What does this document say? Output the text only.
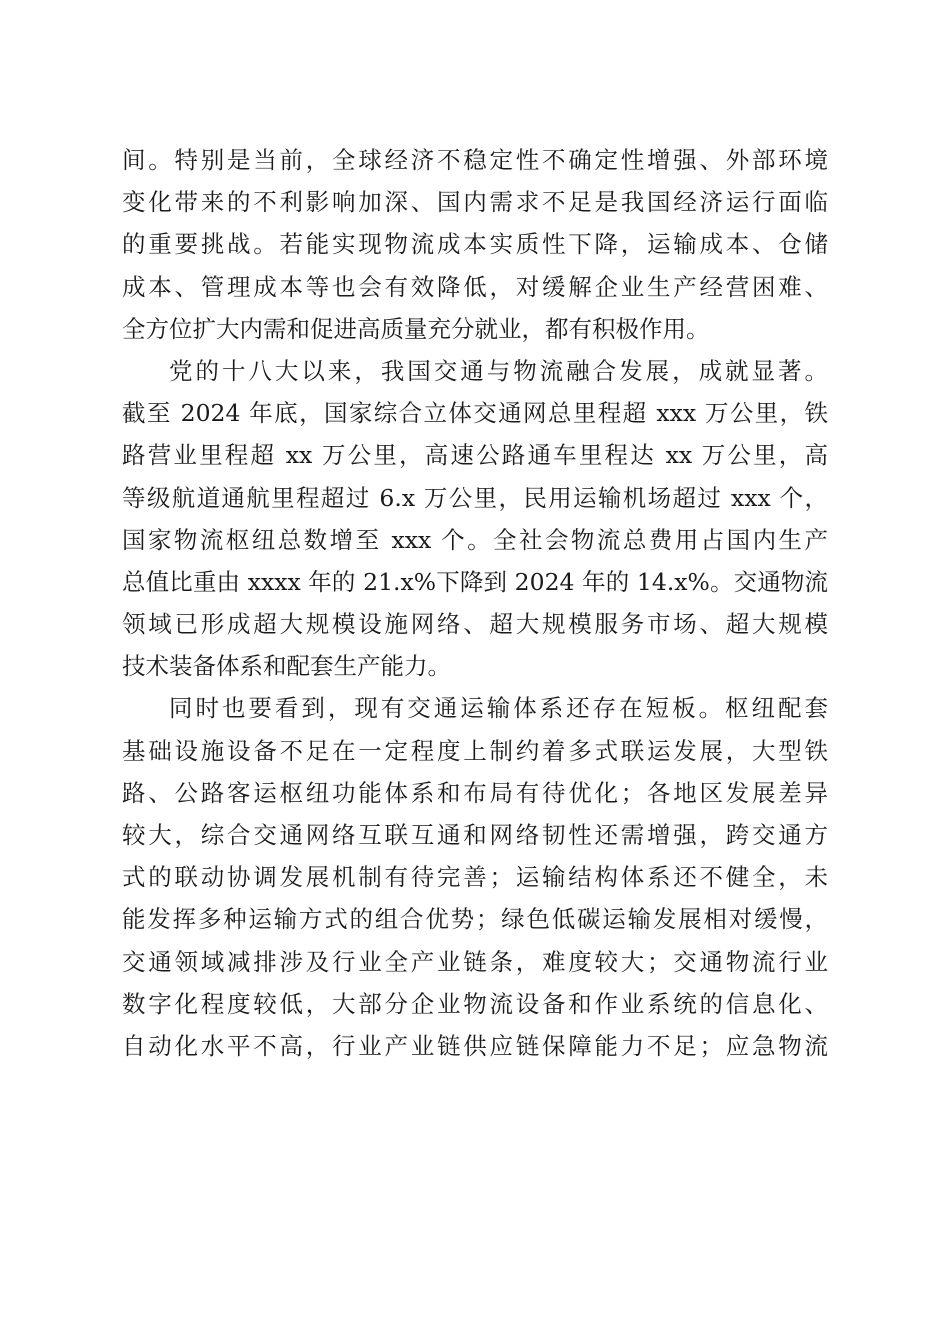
间。特别是当前，全球经济不稳定性不确定性增强、外部环境
变化带来的不利影响加深、国内需求不足是我国经济运行面临
的重要挑战。若能实现物流成本实质性下降，运输成本、仓储
成本、管理成本等也会有效降低，对缓解企业生产经营困难、
全方位扩大内需和促进高质量充分就业，都有积极作用。
党的十八大以来，我国交通与物流融合发展，成就显著。
截至 2024 年底，国家综合立体交通网总里程超 xxx 万公里，铁
路营业里程超 xx 万公里，高速公路通车里程达 xx 万公里，高
等级航道通航里程超过 6.x 万公里，民用运输机场超过 xxx 个，
国家物流枢纽总数增至 xxx 个。全社会物流总费用占国内生产
总值比重由 xxxx 年的 21.x%下降到 2024 年的 14.x%。交通物流
领域已形成超大规模设施网络、超大规模服务市场、超大规模
技术装备体系和配套生产能力。
同时也要看到，现有交通运输体系还存在短板。枢纽配套
基础设施设备不足在一定程度上制约着多式联运发展，大型铁
路、公路客运枢纽功能体系和布局有待优化；各地区发展差异
较大，综合交通网络互联互通和网络韧性还需增强，跨交通方
式的联动协调发展机制有待完善；运输结构体系还不健全，未
能发挥多种运输方式的组合优势；绿色低碳运输发展相对缓慢，
交通领域减排涉及行业全产业链条，难度较大；交通物流行业
数字化程度较低，大部分企业物流设备和作业系统的信息化、
自动化水平不高，行业产业链供应链保障能力不足；应急物流
